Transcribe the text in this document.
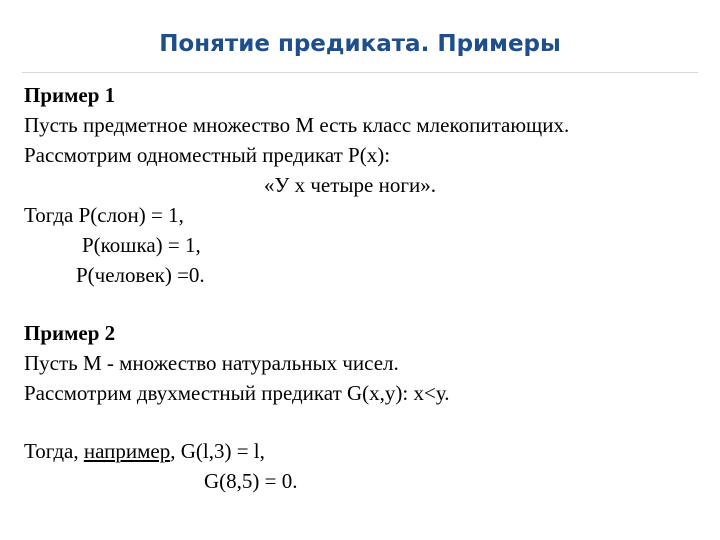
Понятие предиката. Примеры
Пример 1
Пусть предметное множество М есть класс млекопитающих.
Рассмотрим одноместный предикат Р(х):
«У х четыре ноги».
Тогда Р(слон) = 1,
Р(кошка) = 1,
Р(человек) =0.
Пример 2
Пусть М - множество натуральных чисел.
Рассмотрим двухместный предикат G(х,у): х<у.
Тогда, например, G(l,3) = l,
G(8,5) = 0.
